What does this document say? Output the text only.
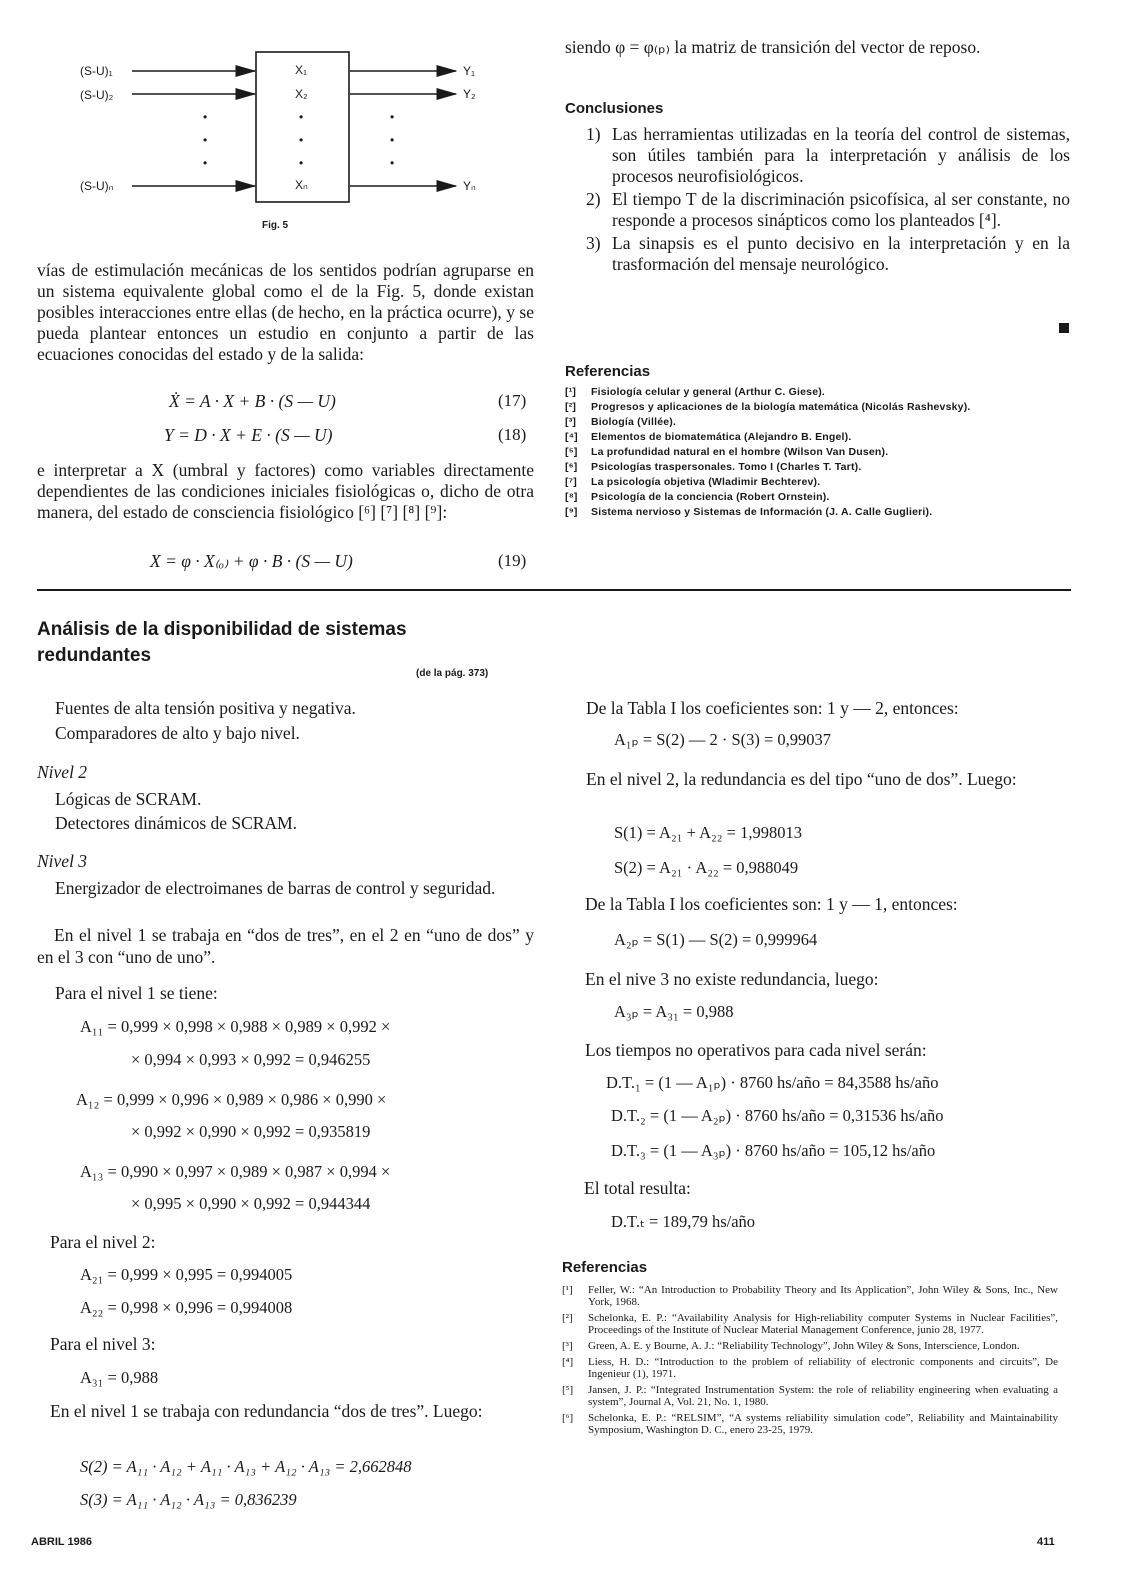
(S-U)₁
(S-U)₂
(S-U)ₙ
X₁
X₂
Xₙ
Y₁
Y₂
Yₙ
•
•
•
•
•
•
•
•
•
Fig. 5
vías de estimulación mecánicas de los sentidos podrían agruparse en un sistema equivalente global como el de la Fig. 5, donde existan posibles interacciones entre ellas (de hecho, en la práctica ocurre), y se pueda plantear entonces un estudio en conjunto a partir de las ecuaciones conocidas del estado y de la salida:
Ẋ = A · X + B · (S — U)	(17)
Y = D · X + E · (S — U)	(18)
e interpretar a X (umbral y factores) como variables directamente dependientes de las condiciones iniciales fisiológicas o, dicho de otra manera, del estado de consciencia fisiológico [⁶] [⁷] [⁸] [⁹]:
X = φ · X₍ₒ₎ + φ · B · (S — U)	(19)
siendo φ = φ₍ₚ₎ la matriz de transición del vector de reposo.
Conclusiones
1) Las herramientas utilizadas en la teoría del control de sistemas, son útiles también para la interpretación y análisis de los procesos neurofisiológicos.
2) El tiempo T de la discriminación psicofísica, al ser constante, no responde a procesos sinápticos como los planteados [⁴].
3) La sinapsis es el punto decisivo en la interpretación y en la trasformación del mensaje neurológico.
Referencias
[¹] Fisiología celular y general (Arthur C. Giese).
[²] Progresos y aplicaciones de la biología matemática (Nicolás Rashevsky).
[³] Biología (Villée).
[⁴] Elementos de biomatemática (Alejandro B. Engel).
[⁵] La profundidad natural en el hombre (Wilson Van Dusen).
[⁶] Psicologías traspersonales. Tomo I (Charles T. Tart).
[⁷] La psicología objetiva (Wladimir Bechterev).
[⁸] Psicología de la conciencia (Robert Ornstein).
[⁹] Sistema nervioso y Sistemas de Información (J. A. Calle Guglieri).
Análisis de la disponibilidad de sistemas
redundantes
(de la pág. 373)
Fuentes de alta tensión positiva y negativa.
Comparadores de alto y bajo nivel.
Nivel 2
Lógicas de SCRAM.
Detectores dinámicos de SCRAM.
Nivel 3
Energizador de electroimanes de barras de control y seguridad.
En el nivel 1 se trabaja en “dos de tres”, en el 2 en “uno de dos” y en el 3 con “uno de uno”.
Para el nivel 1 se tiene:
A₁₁ = 0,999 × 0,998 × 0,988 × 0,989 × 0,992 ×
× 0,994 × 0,993 × 0,992 = 0,946255
A₁₂ = 0,999 × 0,996 × 0,989 × 0,986 × 0,990 ×
× 0,992 × 0,990 × 0,992 = 0,935819
A₁₃ = 0,990 × 0,997 × 0,989 × 0,987 × 0,994 ×
× 0,995 × 0,990 × 0,992 = 0,944344
Para el nivel 2:
A₂₁ = 0,999 × 0,995 = 0,994005
A₂₂ = 0,998 × 0,996 = 0,994008
Para el nivel 3:
A₃₁ = 0,988
En el nivel 1 se trabaja con redundancia “dos de tres”. Luego:
S(2) = A₁₁ · A₁₂ + A₁₁ · A₁₃ + A₁₂ · A₁₃ = 2,662848
S(3) = A₁₁ · A₁₂ · A₁₃ = 0,836239
De la Tabla I los coeficientes son: 1 y — 2, entonces:
A₁ₚ = S(2) — 2 · S(3) = 0,99037
En el nivel 2, la redundancia es del tipo “uno de dos”. Luego:
S(1) = A₂₁ + A₂₂ = 1,998013
S(2) = A₂₁ · A₂₂ = 0,988049
De la Tabla I los coeficientes son: 1 y — 1, entonces:
A₂ₚ = S(1) — S(2) = 0,999964
En el nive 3 no existe redundancia, luego:
A₃ₚ = A₃₁ = 0,988
Los tiempos no operativos para cada nivel serán:
D.T.₁ = (1 — A₁ₚ) · 8760 hs/año = 84,3588 hs/año
D.T.₂ = (1 — A₂ₚ) · 8760 hs/año = 0,31536 hs/año
D.T.₃ = (1 — A₃ₚ) · 8760 hs/año = 105,12 hs/año
El total resulta:
D.T.ₜ = 189,79 hs/año
Referencias
[¹] Feller, W.: “An Introduction to Probability Theory and Its Application”, John Wiley & Sons, Inc., New York, 1968.
[²] Schelonka, E. P.: “Availability Analysis for High-reliability computer Systems in Nuclear Facilities”, Proceedings of the Institute of Nuclear Material Management Conference, junio 28, 1977.
[³] Green, A. E. y Bourne, A. J.: “Reliability Technology”, John Wiley & Sons, Interscience, London.
[⁴] Liess, H. D.: “Introduction to the problem of reliability of electronic components and circuits”, De Ingenieur (1), 1971.
[⁵] Jansen, J. P.: “Integrated Instrumentation System: the role of reliability engineering when evaluating a system”, Journal A, Vol. 21, No. 1, 1980.
[⁶] Schelonka, E. P.: “RELSIM”, “A systems reliability simulation code”, Reliability and Maintainability Symposium, Washington D. C., enero 23-25, 1979.
ABRIL 1986	411
